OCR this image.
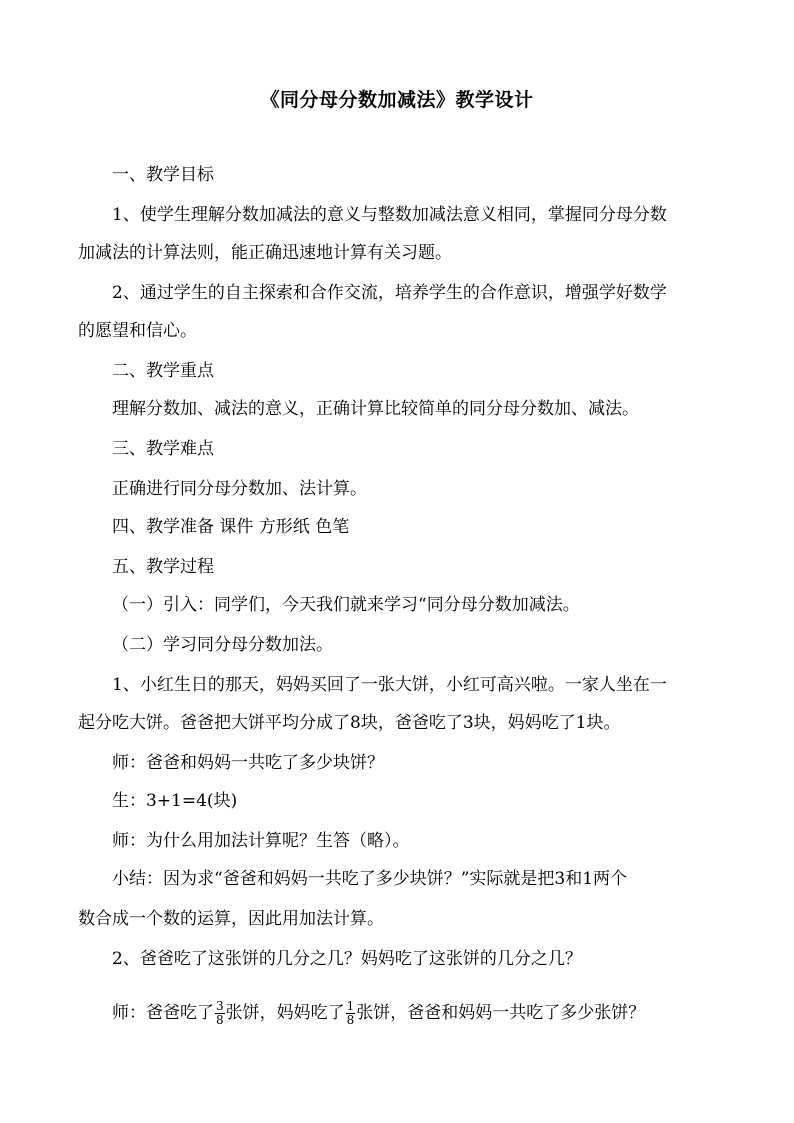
《同分母分数加减法》教学设计
一、教学目标
1、使学生理解分数加减法的意义与整数加减法意义相同，掌握同分母分数
加减法的计算法则，能正确迅速地计算有关习题。
2、通过学生的自主探索和合作交流，培养学生的合作意识，增强学好数学
的愿望和信心。
二、教学重点
理解分数加、减法的意义，正确计算比较简单的同分母分数加、减法。
三、教学难点
正确进行同分母分数加、法计算。
四、教学准备 课件 方形纸 色笔
五、教学过程
（一）引入：同学们，今天我们就来学习“同分母分数加减法。
（二）学习同分母分数加法。
1、小红生日的那天，妈妈买回了一张大饼，小红可高兴啦。一家人坐在一
起分吃大饼。爸爸把大饼平均分成了8块，爸爸吃了3块，妈妈吃了1块。
师：爸爸和妈妈一共吃了多少块饼？
生：3+1=4(块)
师：为什么用加法计算呢？生答（略）。
小结：因为求“爸爸和妈妈一共吃了多少块饼？”实际就是把3和1两个
数合成一个数的运算，因此用加法计算。
2、爸爸吃了这张饼的几分之几？妈妈吃了这张饼的几分之几？
师：爸爸吃了 $\frac{3}{8}$ 张饼，妈妈吃了 $\frac{1}{8}$ 张饼，爸爸和妈妈一共吃了多少张饼？
